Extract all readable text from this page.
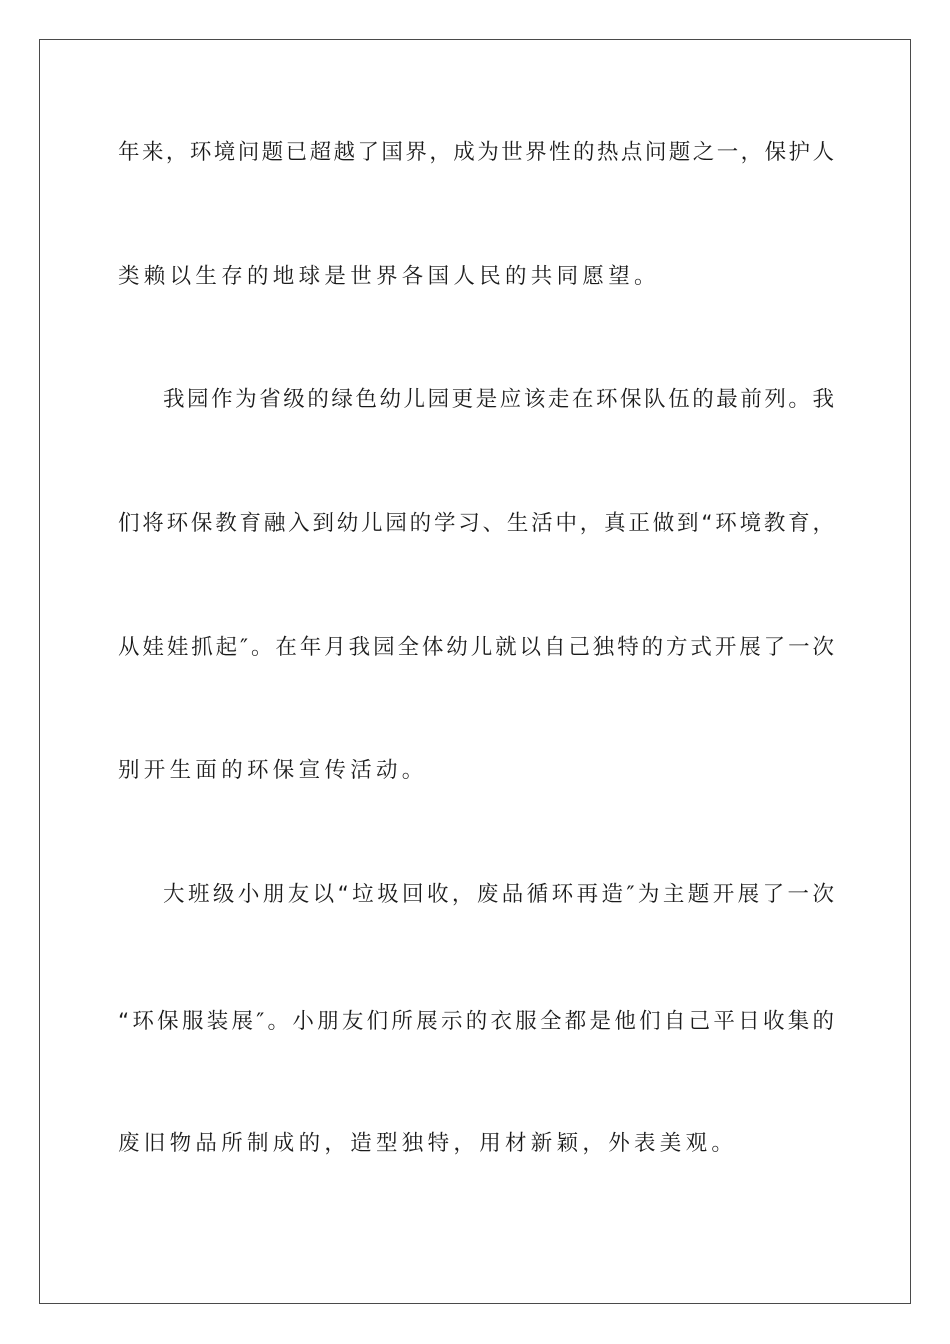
年来，环境问题已超越了国界，成为世界性的热点问题之一，保护人
类赖以生存的地球是世界各国人民的共同愿望。
我园作为省级的绿色幼儿园更是应该走在环保队伍的最前列。我
们将环保教育融入到幼儿园的学习、生活中，真正做到“环境教育，
从娃娃抓起″。在年月我园全体幼儿就以自己独特的方式开展了一次
别开生面的环保宣传活动。
大班级小朋友以“垃圾回收，废品循环再造″为主题开展了一次
“环保服装展″。小朋友们所展示的衣服全都是他们自己平日收集的
废旧物品所制成的，造型独特，用材新颖，外表美观。
